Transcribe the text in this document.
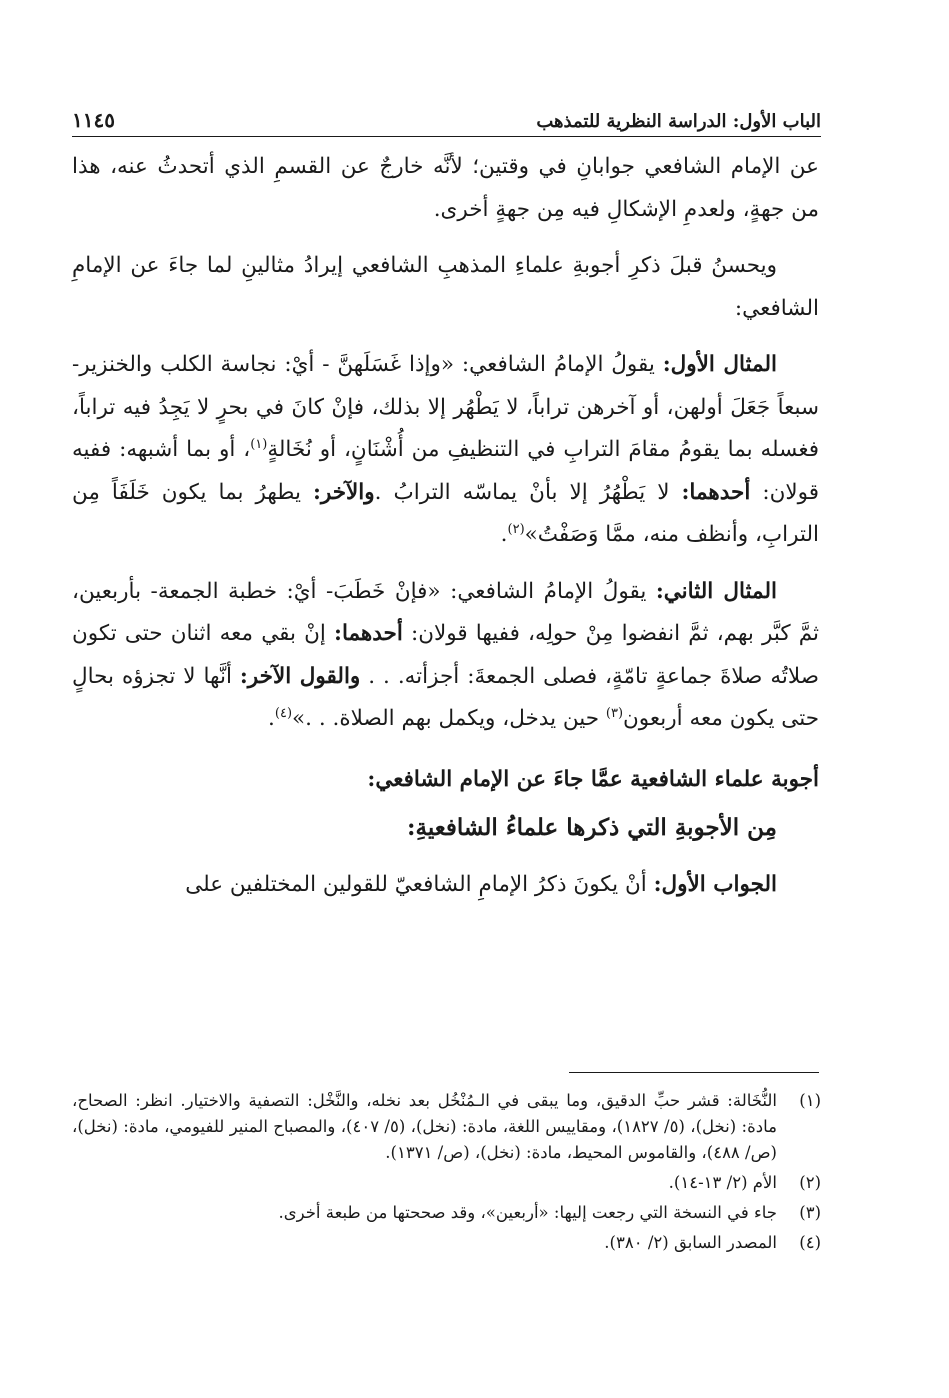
الباب الأول: الدراسة النظرية للتمذهب
١١٤٥

عن الإمام الشافعي جوابانِ في وقتين؛ لأنَّه خارجٌ عن القسمِ الذي أتحدثُ عنه، هذا من جهةٍ، ولعدمِ الإشكالِ فيه مِن جهةٍ أخرى.

ويحسنُ قبلَ ذكرِ أجوبةِ علماءِ المذهبِ الشافعي إيرادُ مثالينِ لما جاءَ عن الإمامِ الشافعي:

المثال الأول: يقولُ الإمامُ الشافعي: «وإذا غَسَلَهنَّ - أيْ: نجاسة الكلب والخنزير- سبعاً جَعَلَ أولهن، أو آخرهن تراباً، لا يَطْهُر إلا بذلك، فإنْ كانَ في بحرٍ لا يَجِدُ فيه تراباً، فغسله بما يقومُ مقامَ الترابِ في التنظيفِ من أُشْنَانٍ، أو نُخَالةٍ$^{(١)}$، أو بما أشبهه: ففيه قولان: أحدهما: لا يَطْهُرُ إلا بأنْ يماسّه الترابُ .والآخر: يطهرُ بما يكون خَلَفَاً مِن الترابِ، وأنظف منه، ممَّا وَصَفْتُ»$^{(٢)}$.

المثال الثاني: يقولُ الإمامُ الشافعي: «فإنْ خَطَبَ- أيْ: خطبة الجمعة- بأربعين، ثمَّ كبَّر بهم، ثمَّ انفضوا مِنْ حولِه، ففيها قولان: أحدهما: إنْ بقي معه اثنان حتى تكون صلاتُه صلاةَ جماعةٍ تامّةٍ، فصلى الجمعةَ: أجزأته. . . والقول الآخر: أنَّها لا تجزؤه بحالٍ حتى يكون معه أربعون$^{(٣)}$ حين يدخل، ويكمل بهم الصلاة. . .»$^{(٤)}$.

أجوبة علماء الشافعية عمَّا جاءَ عن الإمام الشافعي:
مِن الأجوبةِ التي ذكرها علماءُ الشافعيةِ:

الجواب الأول: أنْ يكونَ ذكرُ الإمامِ الشافعيّ للقولين المختلفين على

(١)
النُّخَالة: قشر حبِّ الدقيق، وما يبقى في الـمُنْخُل بعد نخله، والنَّخْل: التصفية والاختيار. انظر: الصحاح، مادة: (نخل)، (٥/ ١٨٢٧)، ومقاييس اللغة، مادة: (نخل)، (٥/ ٤٠٧)، والمصباح المنير للفيومي، مادة: (نخل)، (ص/ ٤٨٨)، والقاموس المحيط، مادة: (نخل)، (ص/ ١٣٧١).
(٢)
الأم (٢/ ١٣-١٤).
(٣)
جاء في النسخة التي رجعت إليها: «أربعين»، وقد صححتها من طبعة أخرى.
(٤)
المصدر السابق (٢/ ٣٨٠).
